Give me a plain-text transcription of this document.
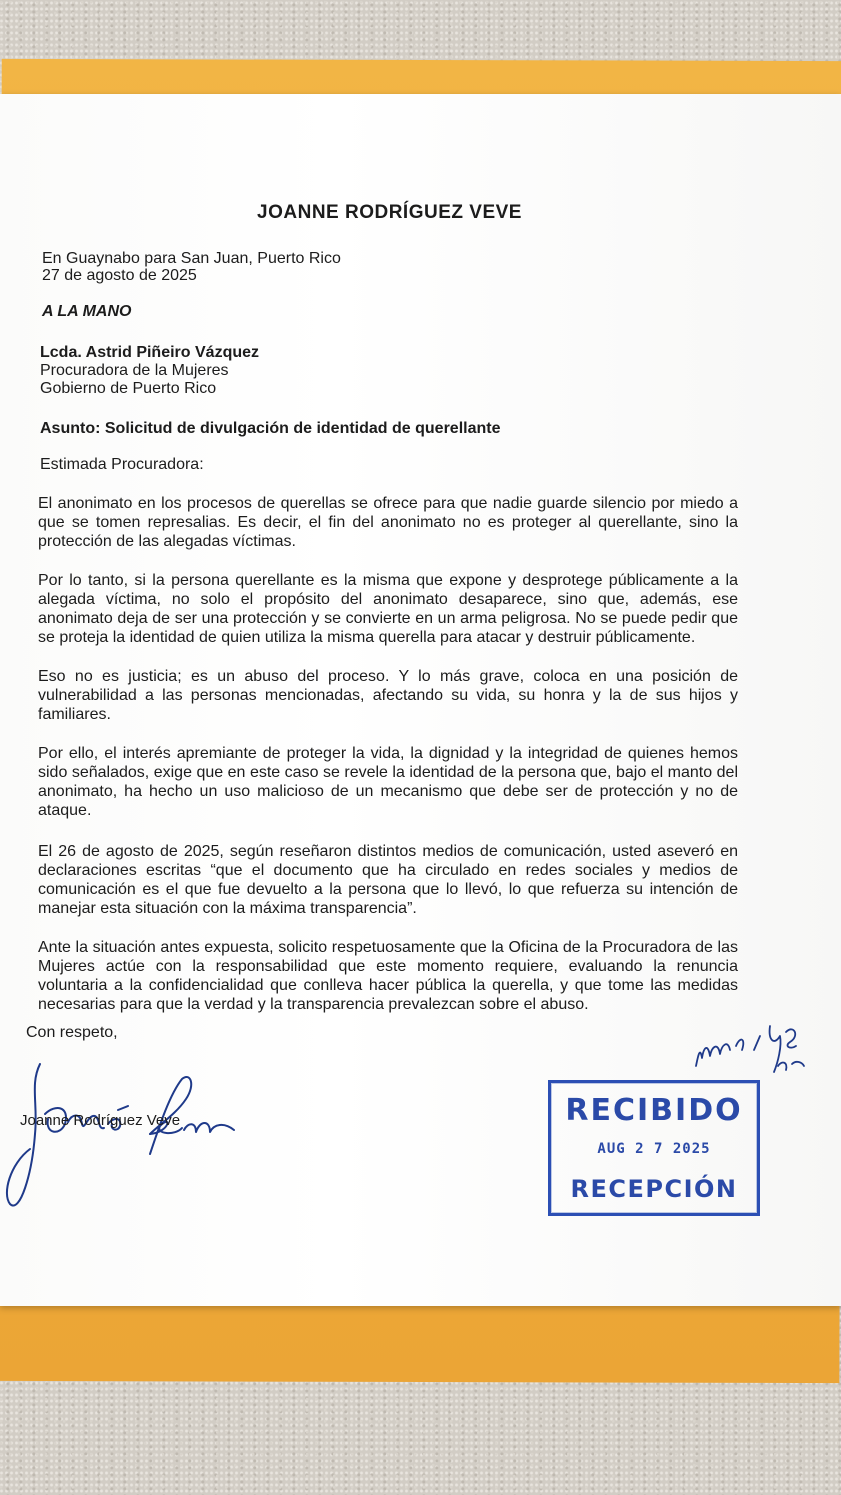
JOANNE RODRÍGUEZ VEVE

En Guaynabo para San Juan, Puerto Rico

27 de agosto de 2025

A LA MANO

Lcda. Astrid Piñeiro Vázquez

Procuradora de la Mujeres

Gobierno de Puerto Rico

Asunto: Solicitud de divulgación de identidad de querellante

Estimada Procuradora:

El anonimato en los procesos de querellas se ofrece para que nadie guarde silencio por miedo a que se tomen represalias. Es decir, el fin del anonimato no es proteger al querellante, sino la protección de las alegadas víctimas.

Por lo tanto, si la persona querellante es la misma que expone y desprotege públicamente a la alegada víctima, no solo el propósito del anonimato desaparece, sino que, además, ese anonimato deja de ser una protección y se convierte en un arma peligrosa. No se puede pedir que se proteja la identidad de quien utiliza la misma querella para atacar y destruir públicamente.

Eso no es justicia; es un abuso del proceso. Y lo más grave, coloca en una posición de vulnerabilidad a las personas mencionadas, afectando su vida, su honra y la de sus hijos y familiares.

Por ello, el interés apremiante de proteger la vida, la dignidad y la integridad de quienes hemos sido señalados, exige que en este caso se revele la identidad de la persona que, bajo el manto del anonimato, ha hecho un uso malicioso de un mecanismo que debe ser de protección y no de ataque.

El 26 de agosto de 2025, según reseñaron distintos medios de comunicación, usted aseveró en declaraciones escritas “que el documento que ha circulado en redes sociales y medios de comunicación es el que fue devuelto a la persona que lo llevó, lo que refuerza su intención de manejar esta situación con la máxima transparencia”.

Ante la situación antes expuesta, solicito respetuosamente que la Oficina de la Procuradora de las Mujeres actúe con la responsabilidad que este momento requiere, evaluando la renuncia voluntaria a la confidencialidad que conlleva hacer pública la querella, y que tome las medidas necesarias para que la verdad y la transparencia prevalezcan sobre el abuso.

Con respeto,

Joanne Rodríguez Veve	RECIBIDO
AUG 2 7 2025
RECEPCIÓN
